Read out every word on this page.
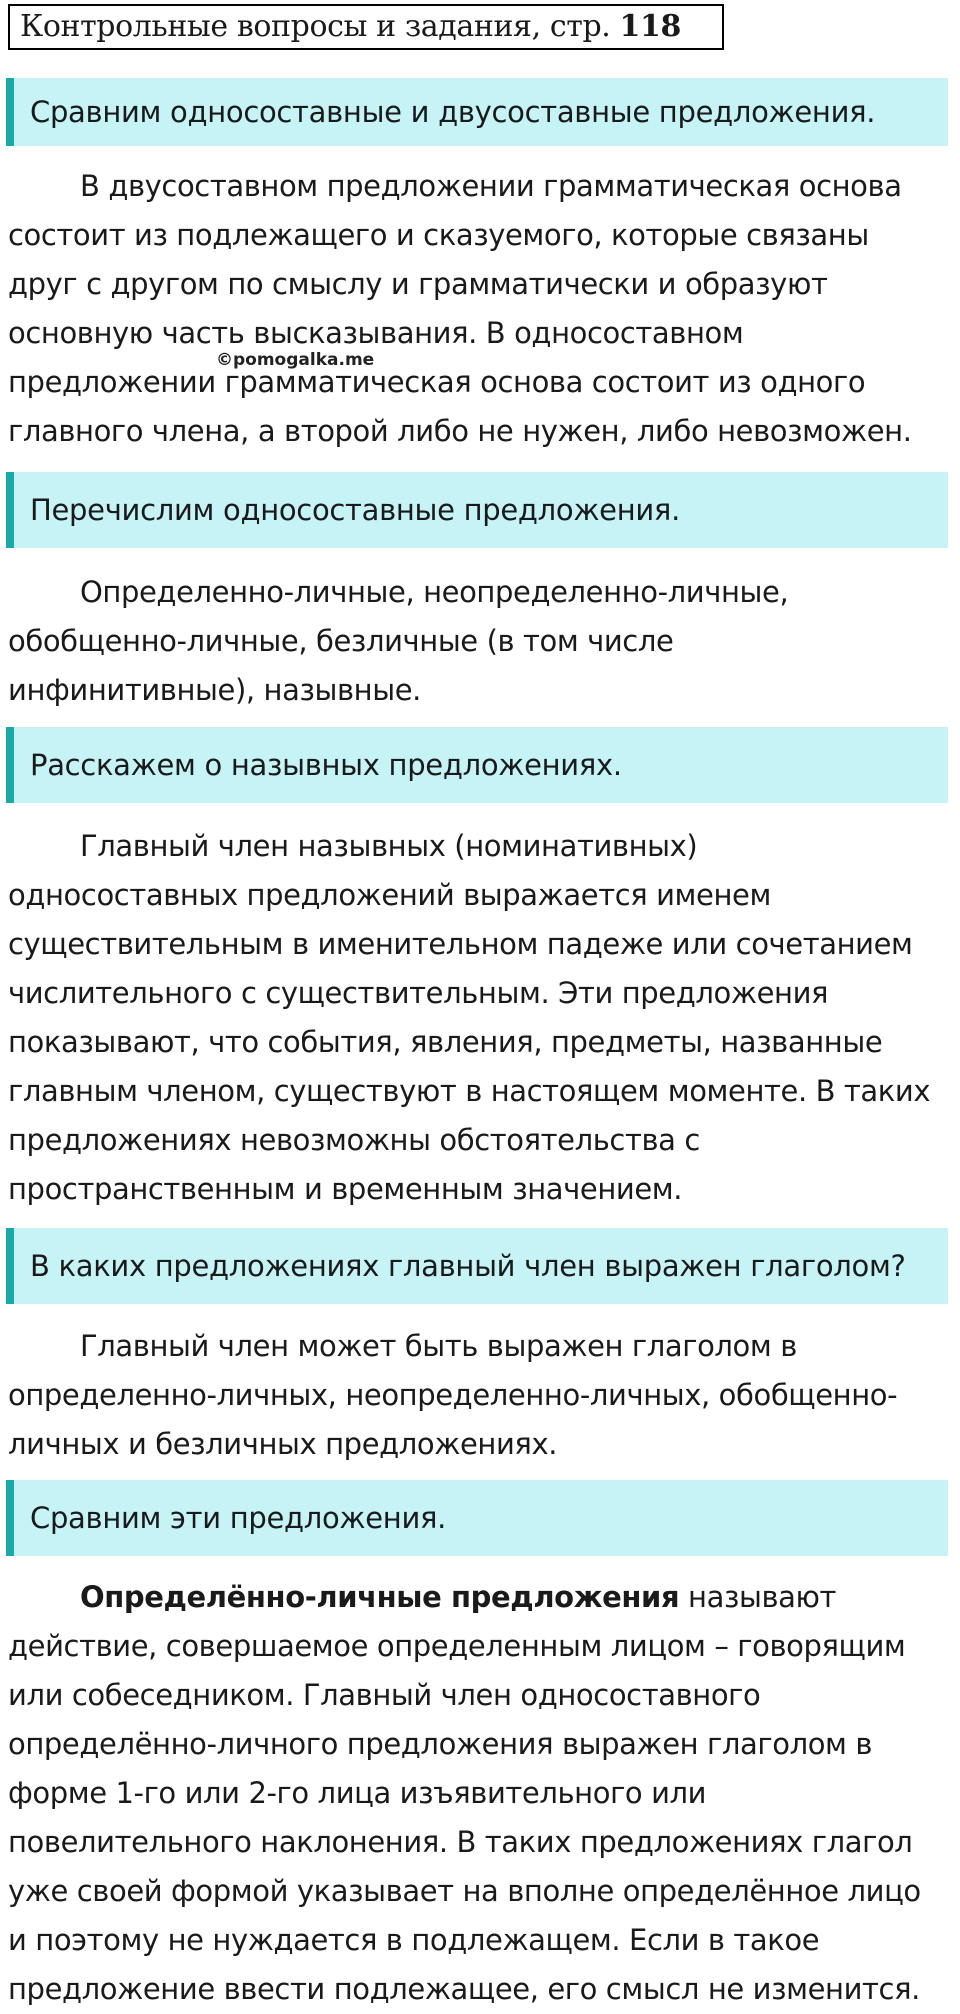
Контрольные вопросы и задания, стр. 118
Сравним односоставные и двусоставные предложения.
В двусоставном предложении грамматическая основа
состоит из подлежащего и сказуемого, которые связаны
друг с другом по смыслу и грамматически и образуют
основную часть высказывания. В односоставном
предложении грамматическая основа состоит из одного
главного члена, а второй либо не нужен, либо невозможен.
©pomogalka.me
Перечислим односоставные предложения.
Определенно-личные, неопределенно-личные,
обобщенно-личные, безличные (в том числе
инфинитивные), назывные.
Расскажем о назывных предложениях.
Главный член назывных (номинативных)
односоставных предложений выражается именем
существительным в именительном падеже или сочетанием
числительного с существительным. Эти предложения
показывают, что события, явления, предметы, названные
главным членом, существуют в настоящем моменте. В таких
предложениях невозможны обстоятельства с
пространственным и временным значением.
В каких предложениях главный член выражен глаголом?
Главный член может быть выражен глаголом в
определенно-личных, неопределенно-личных, обобщенно-
личных и безличных предложениях.
Сравним эти предложения.
Определённо-личные предложения называют
действие, совершаемое определенным лицом – говорящим
или собеседником. Главный член односоставного
определённо-личного предложения выражен глаголом в
форме 1-го или 2-го лица изъявительного или
повелительного наклонения. В таких предложениях глагол
уже своей формой указывает на вполне определённое лицо
и поэтому не нуждается в подлежащем. Если в такое
предложение ввести подлежащее, его смысл не изменится.
